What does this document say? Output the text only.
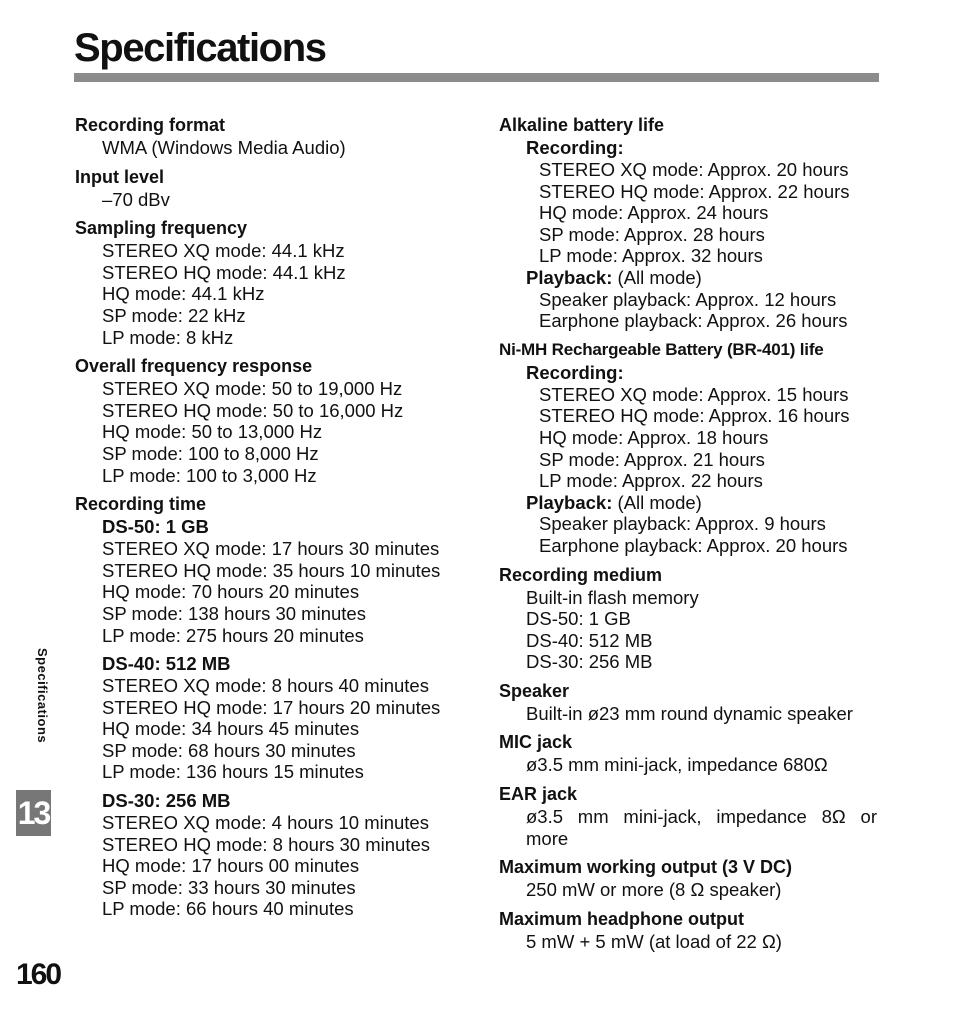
Specifications
Recording format
WMA (Windows Media Audio)
Input level
–70 dBv
Sampling frequency
STEREO XQ mode: 44.1 kHz
STEREO HQ mode: 44.1 kHz
HQ mode: 44.1 kHz
SP mode: 22 kHz
LP mode: 8 kHz
Overall frequency response
STEREO XQ mode: 50 to 19,000 Hz
STEREO HQ mode: 50 to 16,000 Hz
HQ mode: 50 to 13,000 Hz
SP mode: 100 to 8,000 Hz
LP mode: 100 to 3,000 Hz
Recording time
DS-50: 1 GB
STEREO XQ mode: 17 hours 30 minutes
STEREO HQ mode: 35 hours 10 minutes
HQ mode: 70 hours 20 minutes
SP mode: 138 hours 30 minutes
LP mode: 275 hours 20 minutes
DS-40: 512 MB
STEREO XQ mode: 8 hours 40 minutes
STEREO HQ mode: 17 hours 20 minutes
HQ mode: 34 hours 45 minutes
SP mode: 68 hours 30 minutes
LP mode: 136 hours 15 minutes
DS-30: 256 MB
STEREO XQ mode: 4 hours 10 minutes
STEREO HQ mode: 8 hours 30 minutes
HQ mode: 17 hours 00 minutes
SP mode: 33 hours 30 minutes
LP mode: 66 hours 40 minutes
Alkaline battery life
Recording:
STEREO XQ mode: Approx. 20 hours
STEREO HQ mode: Approx. 22 hours
HQ mode: Approx. 24 hours
SP mode: Approx. 28 hours
LP mode: Approx. 32 hours
Playback: (All mode)
Speaker playback: Approx. 12 hours
Earphone playback: Approx. 26 hours
Ni-MH Rechargeable Battery (BR-401) life
Recording:
STEREO XQ mode: Approx. 15 hours
STEREO HQ mode: Approx. 16 hours
HQ mode: Approx. 18 hours
SP mode: Approx. 21 hours
LP mode: Approx. 22 hours
Playback: (All mode)
Speaker playback: Approx. 9 hours
Earphone playback: Approx. 20 hours
Recording medium
Built-in flash memory
DS-50: 1 GB
DS-40: 512 MB
DS-30: 256 MB
Speaker
Built-in ø23 mm round dynamic speaker
MIC jack
ø3.5 mm mini-jack, impedance 680Ω
EAR jack
ø3.5 mm mini-jack, impedance 8Ω or more
Maximum working output (3 V DC)
250 mW or more (8 Ω speaker)
Maximum headphone output
5 mW + 5 mW (at load of 22 Ω)
Specifications
13
160
